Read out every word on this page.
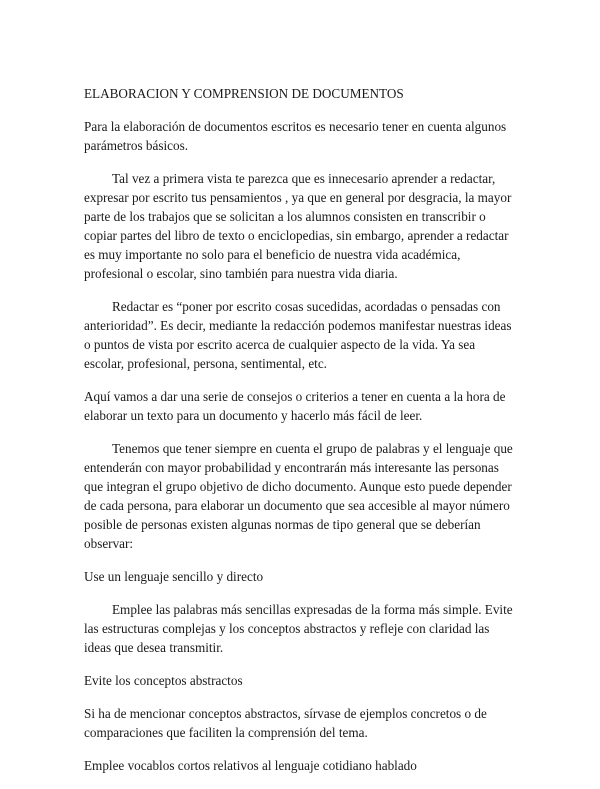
ELABORACION Y COMPRENSION DE DOCUMENTOS

Para la elaboración de documentos escritos es necesario tener en cuenta algunos parámetros básicos.

Tal vez a primera vista te parezca que es innecesario aprender a redactar, expresar por escrito tus pensamientos , ya que en general por desgracia, la mayor parte de los trabajos que se solicitan a los alumnos consisten en transcribir o copiar partes del libro de texto o enciclopedias, sin embargo, aprender a redactar es muy importante no solo para el beneficio de nuestra vida académica, profesional o escolar, sino también para nuestra vida diaria.

Redactar es “poner por escrito cosas sucedidas, acordadas o pensadas con anterioridad”. Es decir, mediante la redacción podemos manifestar nuestras ideas o puntos de vista por escrito acerca de cualquier aspecto de la vida. Ya sea escolar, profesional, persona, sentimental, etc.

Aquí vamos a dar una serie de consejos o criterios a tener en cuenta a la hora de elaborar un texto para un documento y hacerlo más fácil de leer.

Tenemos que tener siempre en cuenta el grupo de palabras y el lenguaje que entenderán con mayor probabilidad y encontrarán más interesante las personas que integran el grupo objetivo de dicho documento. Aunque esto puede depender de cada persona, para elaborar un documento que sea accesible al mayor número posible de personas existen algunas normas de tipo general que se deberían observar:

Use un lenguaje sencillo y directo

Emplee las palabras más sencillas expresadas de la forma más simple. Evite las estructuras complejas y los conceptos abstractos y refleje con claridad las ideas que desea transmitir.

Evite los conceptos abstractos

Si ha de mencionar conceptos abstractos, sírvase de ejemplos concretos o de comparaciones que faciliten la comprensión del tema.

Emplee vocablos cortos relativos al lenguaje cotidiano hablado
